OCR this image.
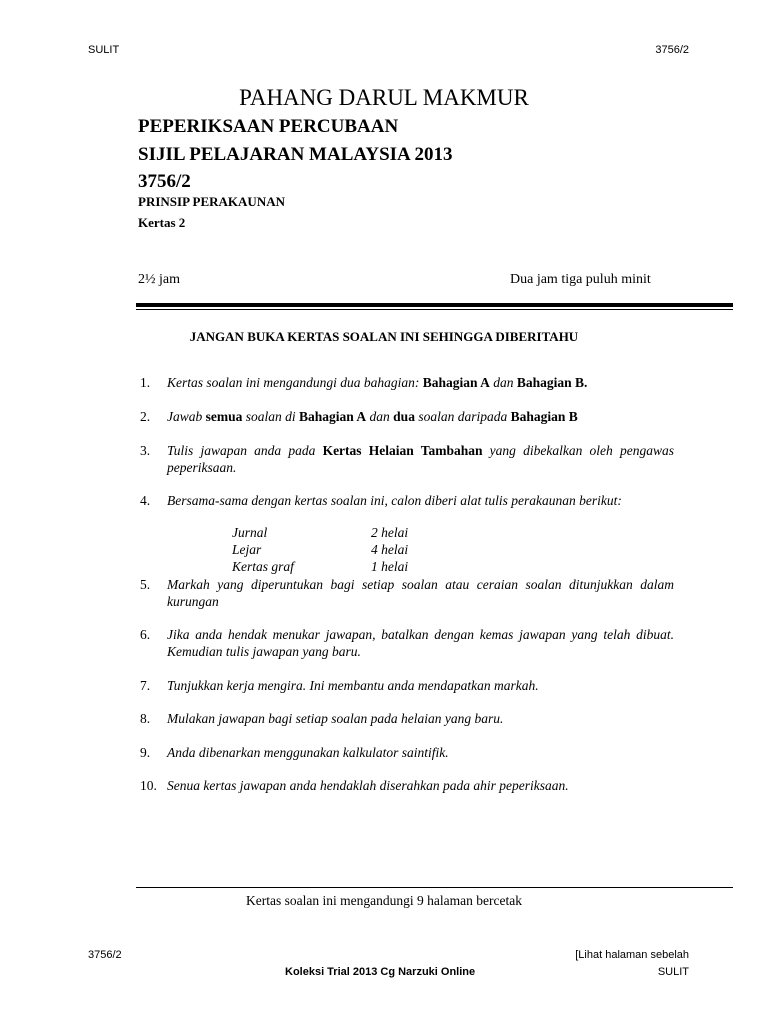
SULIT	3756/2
PAHANG DARUL MAKMUR
PEPERIKSAAN PERCUBAAN
SIJIL PELAJARAN MALAYSIA 2013
3756/2
PRINSIP PERAKAUNAN
Kertas 2
2½ jam	Dua jam tiga puluh minit
JANGAN BUKA KERTAS SOALAN INI SEHINGGA DIBERITAHU
1. Kertas soalan ini mengandungi dua bahagian: Bahagian A dan Bahagian B.
2. Jawab semua soalan di Bahagian A dan dua soalan daripada Bahagian B
3. Tulis jawapan anda pada Kertas Helaian Tambahan yang dibekalkan oleh pengawas peperiksaan.
4. Bersama-sama dengan kertas soalan ini, calon diberi alat tulis perakaunan berikut:
5. Markah yang diperuntukan bagi setiap soalan atau ceraian soalan ditunjukkan dalam kurungan
6. Jika anda hendak menukar jawapan, batalkan dengan kemas jawapan yang telah dibuat. Kemudian tulis jawapan yang baru.
7. Tunjukkan kerja mengira. Ini membantu anda mendapatkan markah.
8. Mulakan jawapan bagi setiap soalan pada helaian yang baru.
9. Anda dibenarkan menggunakan kalkulator saintifik.
10. Senua kertas jawapan anda hendaklah diserahkan pada ahir peperiksaan.
Jurnal	2 helai
Lejar	4 helai
Kertas graf	1 helai
Kertas soalan ini mengandungi 9 halaman bercetak
3756/2	[Lihat halaman sebelah
Koleksi Trial 2013 Cg Narzuki Online	SULIT
